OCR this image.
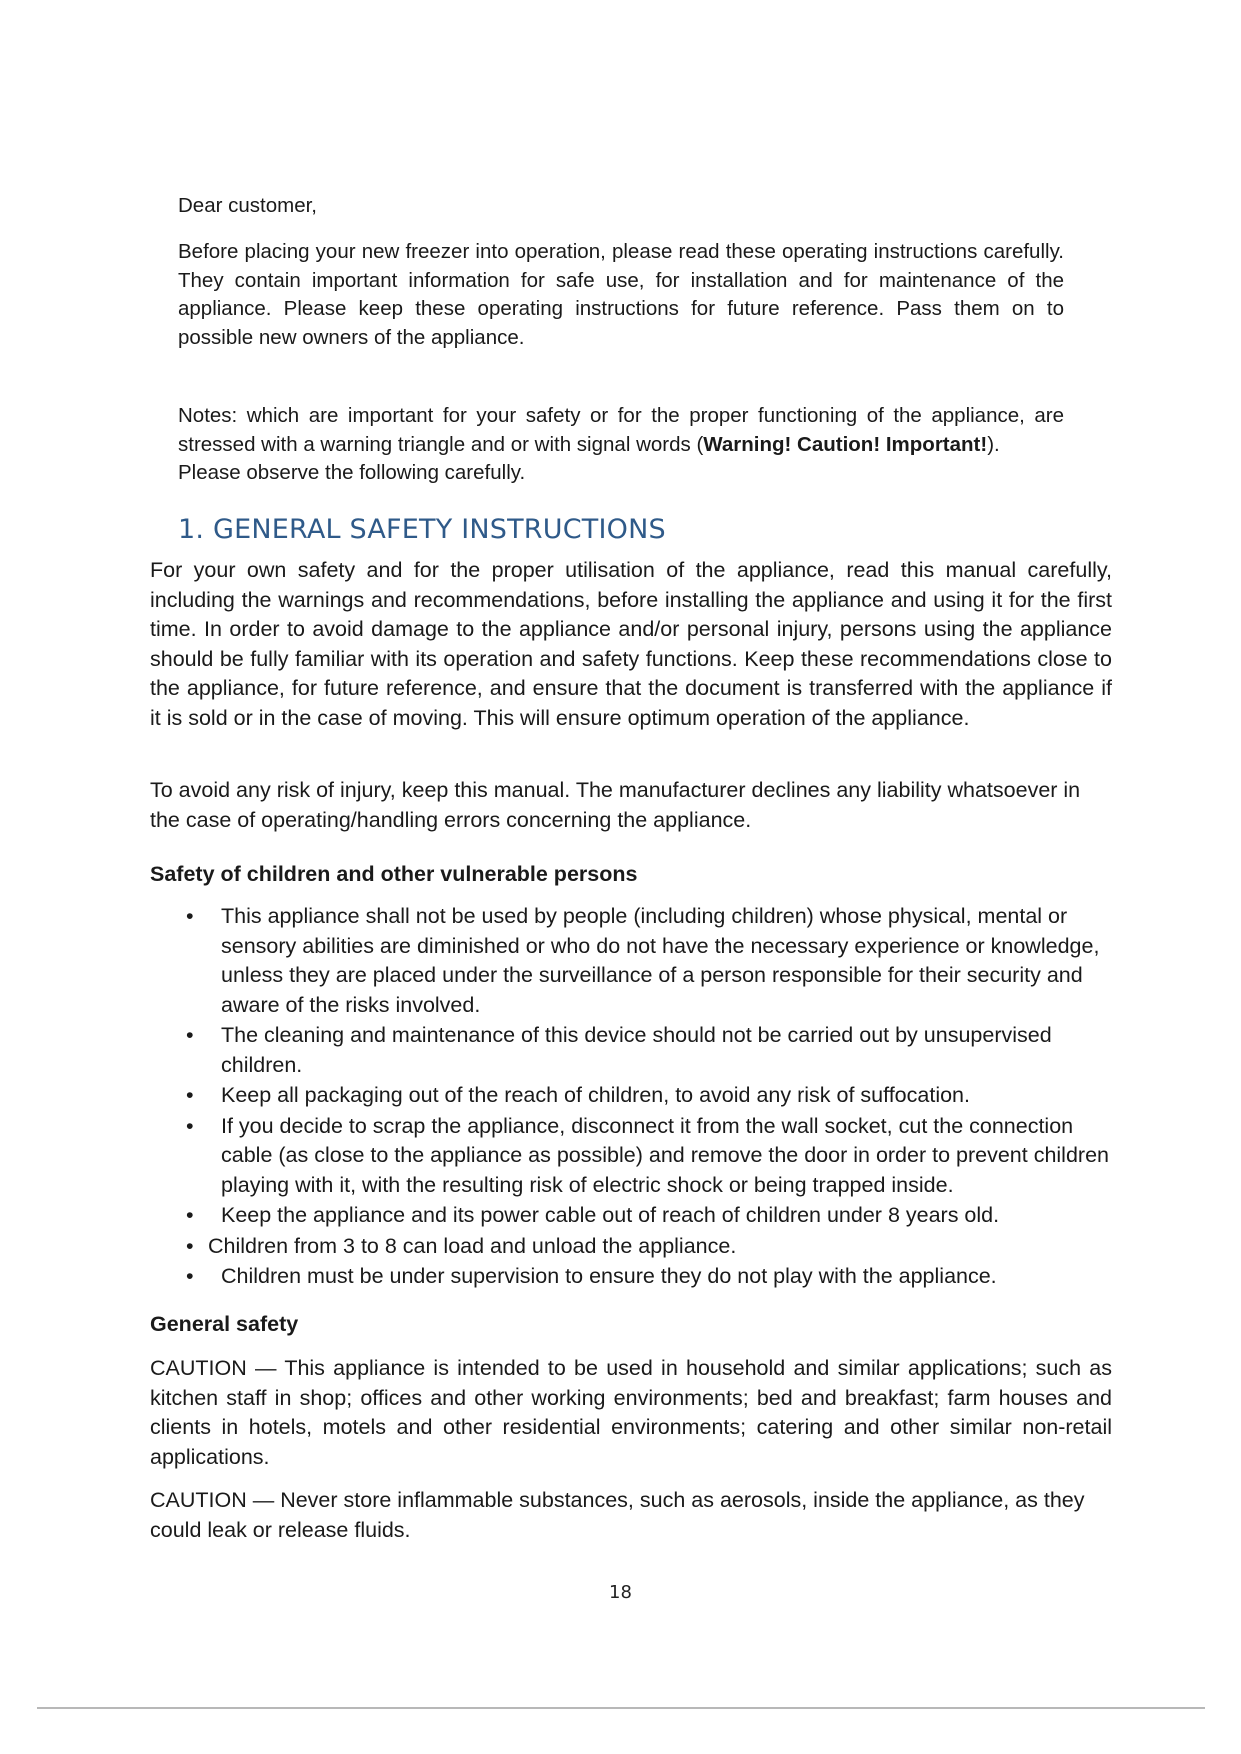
Dear customer,

Before placing your new freezer into operation, please read these operating instructions carefully. They contain important information for safe use, for installation and for maintenance of the appliance. Please keep these operating instructions for future reference. Pass them on to possible new owners of the appliance.

Notes: which are important for your safety or for the proper functioning of the appliance, are stressed with a warning triangle and or with signal words (Warning! Caution! Important!).

Please observe the following carefully.

1. GENERAL SAFETY INSTRUCTIONS

For your own safety and for the proper utilisation of the appliance, read this manual carefully, including the warnings and recommendations, before installing the appliance and using it for the first time. In order to avoid damage to the appliance and/or personal injury, persons using the appliance should be fully familiar with its operation and safety functions. Keep these recommendations close to the appliance, for future reference, and ensure that the document is transferred with the appliance if it is sold or in the case of moving. This will ensure optimum operation of the appliance.

To avoid any risk of injury, keep this manual. The manufacturer declines any liability whatsoever in the case of operating/handling errors concerning the appliance.

Safety of children and other vulnerable persons
• This appliance shall not be used by people (including children) whose physical, mental or sensory abilities are diminished or who do not have the necessary experience or knowledge, unless they are placed under the surveillance of a person responsible for their security and aware of the risks involved.
• The cleaning and maintenance of this device should not be carried out by unsupervised children.
• Keep all packaging out of the reach of children, to avoid any risk of suffocation.
• If you decide to scrap the appliance, disconnect it from the wall socket, cut the connection cable (as close to the appliance as possible) and remove the door in order to prevent children playing with it, with the resulting risk of electric shock or being trapped inside.
• Keep the appliance and its power cable out of reach of children under 8 years old.
• Children from 3 to 8 can load and unload the appliance.
• Children must be under supervision to ensure they do not play with the appliance.
General safety

CAUTION — This appliance is intended to be used in household and similar applications; such as kitchen staff in shop; offices and other working environments; bed and breakfast; farm houses and clients in hotels, motels and other residential environments; catering and other similar non-retail applications.

CAUTION — Never store inflammable substances, such as aerosols, inside the appliance, as they could leak or release fluids.

18
